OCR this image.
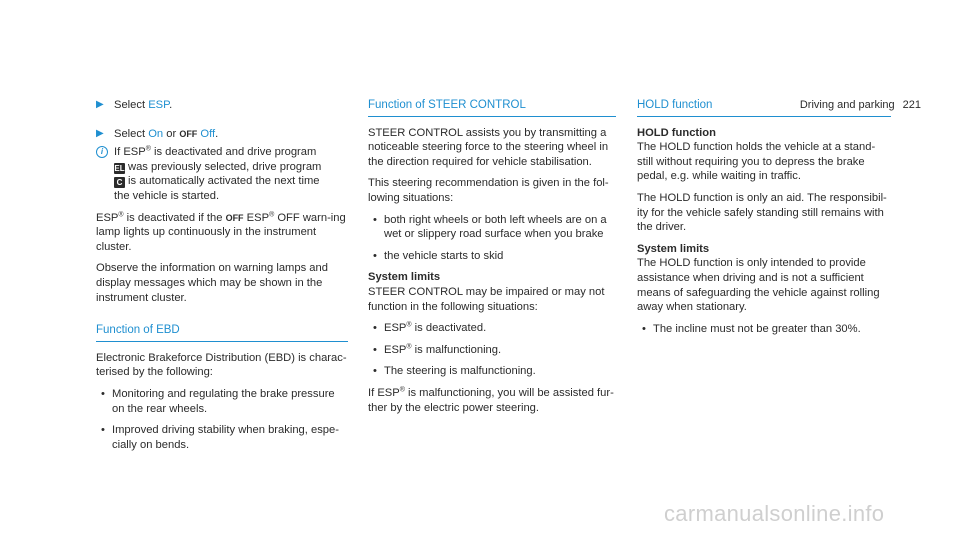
Driving and parking 221
▶ Select ESP.
▶ Select On or OFF Off.
i If ESP® is deactivated and drive program
EL was previously selected, drive program
C is automatically activated the next time
the vehicle is started.

ESP® is deactivated if the OFF ESP® OFF warn-ing lamp lights up continuously in the instrument cluster.

Observe the information on warning lamps and display messages which may be shown in the instrument cluster.

Function of EBD

Electronic Brakeforce Distribution (EBD) is charac-terised by the following:

• Monitoring and regulating the brake pressure on the rear wheels.
• Improved driving stability when braking, espe-cially on bends.
Function of STEER CONTROL

STEER CONTROL assists you by transmitting a noticeable steering force to the steering wheel in the direction required for vehicle stabilisation.

This steering recommendation is given in the fol-lowing situations:

• both right wheels or both left wheels are on a wet or slippery road surface when you brake
• the vehicle starts to skid

System limits

STEER CONTROL may be impaired or may not function in the following situations:

• ESP® is deactivated.
• ESP® is malfunctioning.
• The steering is malfunctioning.

If ESP® is malfunctioning, you will be assisted fur-ther by the electric power steering.

HOLD function

HOLD function

The HOLD function holds the vehicle at a stand-still without requiring you to depress the brake pedal, e.g. while waiting in traffic.

The HOLD function is only an aid. The responsibil-ity for the vehicle safely standing still remains with the driver.

System limits

The HOLD function is only intended to provide assistance when driving and is not a sufficient means of safeguarding the vehicle against rolling away when stationary.

• The incline must not be greater than 30%.
carmanualsonline.info
